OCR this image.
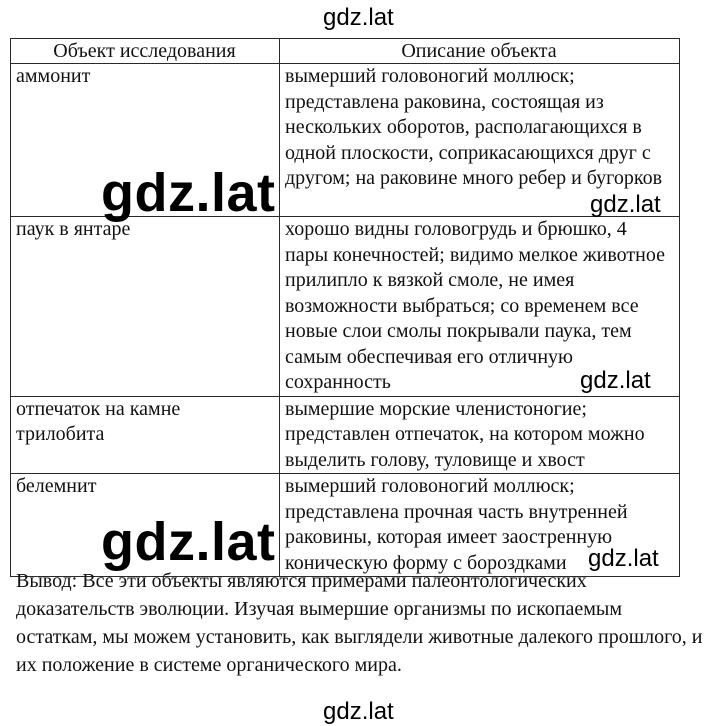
Объект исследования	Описание объекта
аммонит	вымерший головоногий моллюск; представлена раковина, состоящая из нескольких оборотов, располагающихся в одной плоскости, соприкасающихся друг с другом; на раковине много ребер и бугорков
паук в янтаре	хорошо видны головогрудь и брюшко, 4 пары конечностей; видимо мелкое животное прилипло к вязкой смоле, не имея возможности выбраться; со временем все новые слои смолы покрывали паука, тем самым обеспечивая его отличную сохранность
отпечаток на камне трилобита	вымершие морские членистоногие; представлен отпечаток, на котором можно выделить голову, туловище и хвост
белемнит	вымерший головоногий моллюск; представлена прочная часть внутренней раковины, которая имеет заостренную коническую форму с бороздками

Вывод: Все эти объекты являются примерами палеонтологических доказательств эволюции. Изучая вымершие организмы по ископаемым остаткам, мы можем установить, как выглядели животные далекого прошлого, и их положение в системе органического мира.

gdz.lat
gdz.lat	gdz.lat
gdz.lat
gdz.lat	gdz.lat
gdz.lat
